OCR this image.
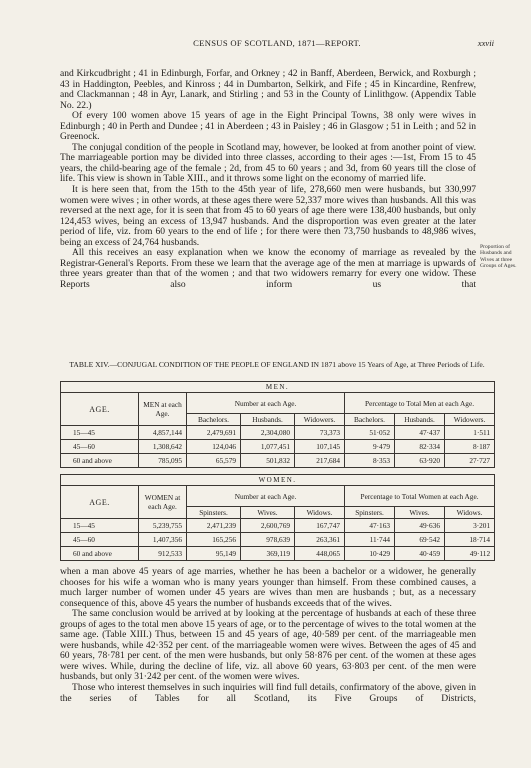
CENSUS OF SCOTLAND, 1871—REPORT.	xxvii

and Kirkcudbright ; 41 in Edinburgh, Forfar, and Orkney ; 42 in Banff, Aberdeen, Berwick, and Roxburgh ; 43 in Haddington, Peebles, and Kinross ; 44 in Dumbarton, Selkirk, and Fife ; 45 in Kincardine, Renfrew, and Clackmannan ; 48 in Ayr, Lanark, and Stirling ; and 53 in the County of Linlithgow. (Appendix Table No. 22.)

Of every 100 women above 15 years of age in the Eight Principal Towns, 38 only were wives in Edinburgh ; 40 in Perth and Dundee ; 41 in Aberdeen ; 43 in Paisley ; 46 in Glasgow ; 51 in Leith ; and 52 in Greenock.

The conjugal condition of the people in Scotland may, however, be looked at from another point of view. The marriageable portion may be divided into three classes, according to their ages :—1st, From 15 to 45 years, the child-bearing age of the female ; 2d, from 45 to 60 years ; and 3d, from 60 years till the close of life. This view is shown in Table XIII., and it throws some light on the economy of married life.

It is here seen that, from the 15th to the 45th year of life, 278,660 men were husbands, but 330,997 women were wives ; in other words, at these ages there were 52,337 more wives than husbands. All this was reversed at the next age, for it is seen that from 45 to 60 years of age there were 138,400 husbands, but only 124,453 wives, being an excess of 13,947 husbands. And the disproportion was even greater at the later period of life, viz. from 60 years to the end of life ; for there were then 73,750 husbands to 48,986 wives, being an excess of 24,764 husbands.

All this receives an easy explanation when we know the economy of marriage as revealed by the Registrar-General's Reports. From these we learn that the average age of the men at marriage is upwards of three years greater than that of the women ; and that two widowers remarry for every one widow. These Reports also inform us that

Proportion of Husbands and Wives at three Groups of Ages.
TABLE XIV.—CONJUGAL CONDITION OF THE PEOPLE OF ENGLAND IN 1871 above 15 Years of Age, at Three Periods of Life.
MEN.							
AGE.	MEN at each Age.	Number at each Age.			Percentage to Total Men at each Age.		
		Bachelors.	Husbands.	Widowers.	Bachelors.	Husbands.	Widowers.
15—45	4,857,144	2,479,691	2,304,080	73,373	51·052	47·437	1·511
45—60	1,308,642	124,046	1,077,451	107,145	9·479	82·334	8·187
60 and above	785,095	65,579	501,832	217,684	8·353	63·920	27·727
WOMEN.							
AGE.	WOMEN at each Age.	Number at each Age.			Percentage to Total Women at each Age.		
		Spinsters.	Wives.	Widows.	Spinsters.	Wives.	Widows.
15—45	5,239,755	2,471,239	2,600,769	167,747	47·163	49·636	3·201
45—60	1,407,356	165,256	978,639	263,361	11·744	69·542	18·714
60 and above	912,533	95,149	369,119	448,065	10·429	40·459	49·112

when a man above 45 years of age marries, whether he has been a bachelor or a widower, he generally chooses for his wife a woman who is many years younger than himself. From these combined causes, a much larger number of women under 45 years are wives than men are husbands ; but, as a necessary consequence of this, above 45 years the number of husbands exceeds that of the wives.

The same conclusion would be arrived at by looking at the percentage of husbands at each of these three groups of ages to the total men above 15 years of age, or to the percentage of wives to the total women at the same age. (Table XIII.) Thus, between 15 and 45 years of age, 40·589 per cent. of the marriageable men were husbands, while 42·352 per cent. of the marriageable women were wives. Between the ages of 45 and 60 years, 78·781 per cent. of the men were husbands, but only 58·876 per cent. of the women at these ages were wives. While, during the decline of life, viz. all above 60 years, 63·803 per cent. of the men were husbands, but only 31·242 per cent. of the women were wives.

Those who interest themselves in such inquiries will find full details, confirmatory of the above, given in the series of Tables for all Scotland, its Five Groups of Districts,
